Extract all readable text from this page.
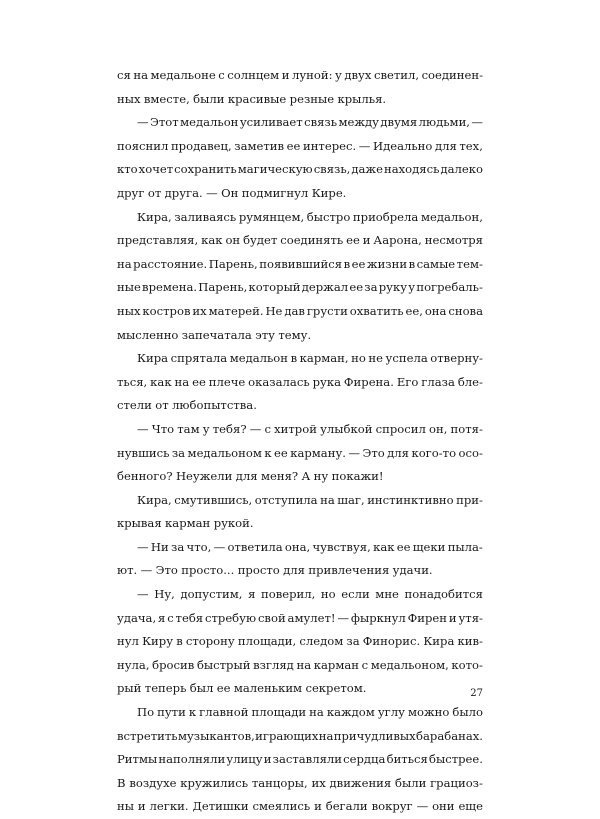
ся на медальоне с солнцем и луной: у двух светил, соединен-
ных вместе, были красивые резные крылья.
— Этот медальон усиливает связь между двумя людьми, —
пояснил продавец, заметив ее интерес. — Идеально для тех,
кто хочет сохранить магическую связь, даже находясь далеко
друг от друга. — Он подмигнул Кире.
Кира, заливаясь румянцем, быстро приобрела медальон,
представляя, как он будет соединять ее и Аарона, несмотря
на расстояние. Парень, появившийся в ее жизни в самые тем-
ные времена. Парень, который держал ее за руку у погребаль-
ных костров их матерей. Не дав грусти охватить ее, она снова
мысленно запечатала эту тему.
Кира спрятала медальон в карман, но не успела отверну-
ться, как на ее плече оказалась рука Фирена. Его глаза бле-
стели от любопытства.
— Что там у тебя? — с хитрой улыбкой спросил он, потя-
нувшись за медальоном к ее карману. — Это для кого-то осо-
бенного? Неужели для меня? А ну покажи!
Кира, смутившись, отступила на шаг, инстинктивно при-
крывая карман рукой.
— Ни за что, — ответила она, чувствуя, как ее щеки пыла-
ют. — Это просто... просто для привлечения удачи.
— Ну, допустим, я поверил, но если мне понадобится
удача, я с тебя стребую свой амулет! — фыркнул Фирен и утя-
нул Киру в сторону площади, следом за Финорис. Кира кив-
нула, бросив быстрый взгляд на карман с медальоном, кото-
рый теперь был ее маленьким секретом.
По пути к главной площади на каждом углу можно было
встретить музыкантов, играющих на причудливых барабанах.
Ритмы наполняли улицу и заставляли сердца биться быстрее.
В воздухе кружились танцоры, их движения были грациоз-
ны и легки. Детишки смеялись и бегали вокруг — они еще
27
